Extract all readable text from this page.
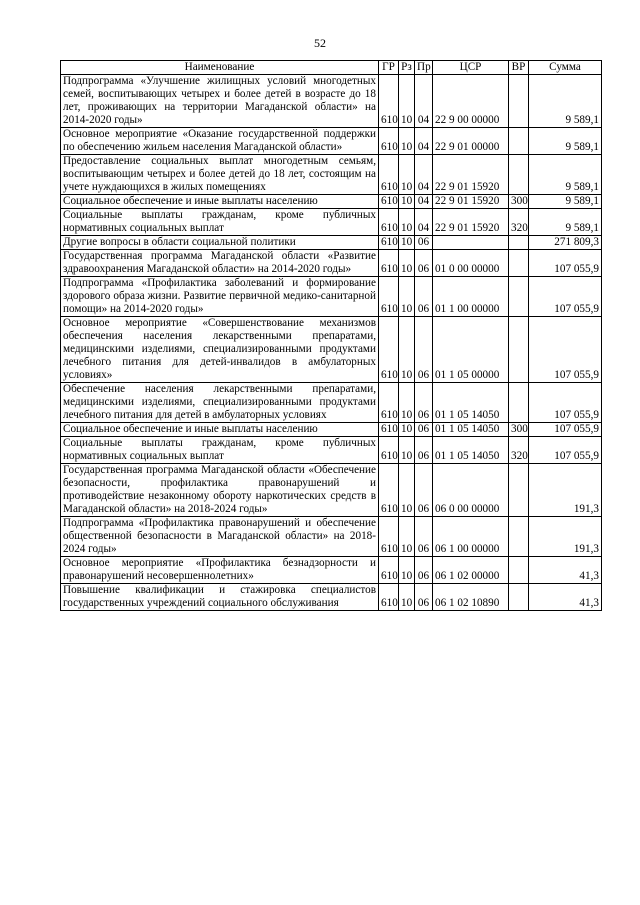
52
Наименование	ГР	Рз	Пр	ЦСР	ВР	Сумма
Подпрограмма «Улучшение жилищных условий многодетных семей, воспитывающих четырех и более детей в возрасте до 18 лет, проживающих на территории Магаданской области» на 2014-2020 годы»	610	10	04	22 9 00 00000		9 589,1
Основное мероприятие «Оказание государственной поддержки по обеспечению жильем населения Магаданской области»	610	10	04	22 9 01 00000		9 589,1
Предоставление социальных выплат многодетным семьям, воспитывающим четырех и более детей до 18 лет, состоящим на учете нуждающихся в жилых помещениях	610	10	04	22 9 01 15920		9 589,1
Социальное обеспечение и иные выплаты населению	610	10	04	22 9 01 15920	300	9 589,1
Социальные выплаты гражданам, кроме публичных нормативных социальных выплат	610	10	04	22 9 01 15920	320	9 589,1
Другие вопросы в области социальной политики	610	10	06			271 809,3
Государственная программа Магаданской области «Развитие здравоохранения Магаданской области» на 2014-2020 годы»	610	10	06	01 0 00 00000		107 055,9
Подпрограмма «Профилактика заболеваний и формирование здорового образа жизни. Развитие первичной медико-санитарной помощи» на 2014-2020 годы»	610	10	06	01 1 00 00000		107 055,9
Основное мероприятие «Совершенствование механизмов обеспечения населения лекарственными препаратами, медицинскими изделиями, специализированными продуктами лечебного питания для детей-инвалидов в амбулаторных условиях»	610	10	06	01 1 05 00000		107 055,9
Обеспечение населения лекарственными препаратами, медицинскими изделиями, специализированными продуктами лечебного питания для детей в амбулаторных условиях	610	10	06	01 1 05 14050		107 055,9
Социальное обеспечение и иные выплаты населению	610	10	06	01 1 05 14050	300	107 055,9
Социальные выплаты гражданам, кроме публичных нормативных социальных выплат	610	10	06	01 1 05 14050	320	107 055,9
Государственная программа Магаданской области «Обеспечение безопасности, профилактика правонарушений и противодействие незаконному обороту наркотических средств в Магаданской области» на 2018-2024 годы»	610	10	06	06 0 00 00000		191,3
Подпрограмма «Профилактика правонарушений и обеспечение общественной безопасности в Магаданской области» на 2018-2024 годы»	610	10	06	06 1 00 00000		191,3
Основное мероприятие «Профилактика безнадзорности и правонарушений несовершеннолетних»	610	10	06	06 1 02 00000		41,3
Повышение квалификации и стажировка специалистов государственных учреждений социального обслуживания	610	10	06	06 1 02 10890		41,3
